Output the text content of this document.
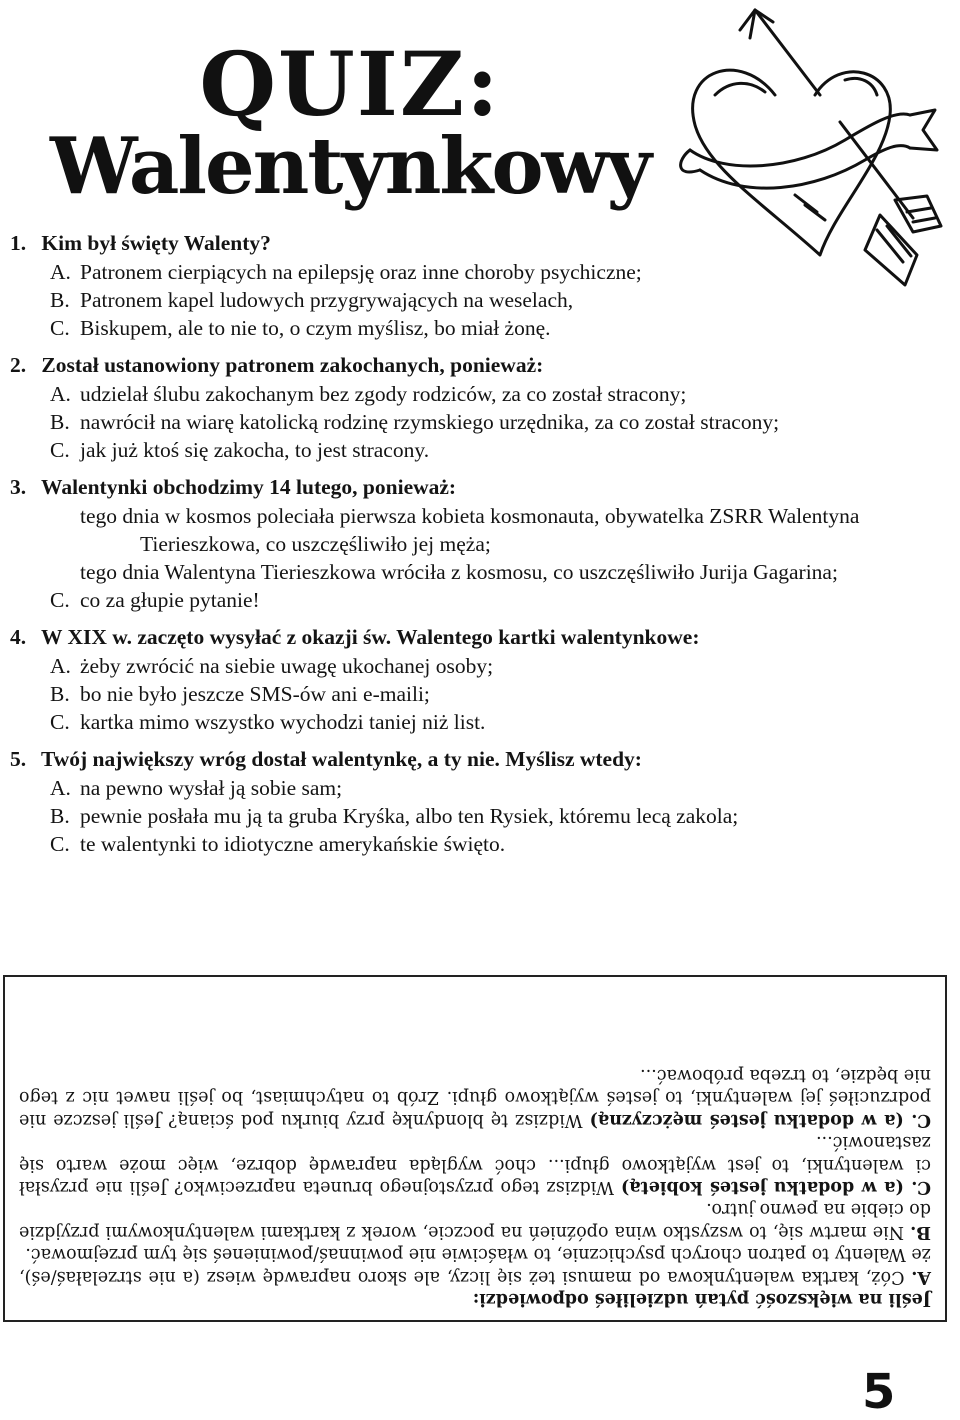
QUIZ:
Walentynkowy

1. Kim był święty Walenty?

A. Patronem cierpiących na epilepsję oraz inne choroby psychiczne;

B. Patronem kapel ludowych przygrywających na weselach,

C. Biskupem, ale to nie to, o czym myślisz, bo miał żonę.

2. Został ustanowiony patronem zakochanych, ponieważ:

A. udzielał ślubu zakochanym bez zgody rodziców, za co został stracony;

B. nawrócił na wiarę katolicką rodzinę rzymskiego urzędnika, za co został stracony;

C. jak już ktoś się zakocha, to jest stracony.

3. Walentynki obchodzimy 14 lutego, ponieważ:

tego dnia w kosmos poleciała pierwsza kobieta kosmonauta, obywatelka ZSRR Walentyna Tierieszkowa, co uszczęśliwiło jej męża;

tego dnia Walentyna Tierieszkowa wróciła z kosmosu, co uszczęśliwiło Jurija Gagarina;

C. co za głupie pytanie!

4. W XIX w. zaczęto wysyłać z okazji św. Walentego kartki walentynkowe:

A. żeby zwrócić na siebie uwagę ukochanej osoby;

B. bo nie było jeszcze SMS-ów ani e-maili;

C. kartka mimo wszystko wychodzi taniej niż list.

5. Twój największy wróg dostał walentynkę, a ty nie. Myślisz wtedy:

A. na pewno wysłał ją sobie sam;

B. pewnie posłała mu ją ta gruba Kryśka, albo ten Rysiek, któremu lecą zakola;

C. te walentynki to idiotyczne amerykańskie święto.

Jeśli na większość pytań udzieliłeś odpowiedzi:

A. Cóż, kartka walentynkowa od mamusi też się liczy, ale skoro naprawdę wiesz (a nie strzelałaś/eś), że Walenty to patron chorych psychicznie, to właściwie nie powinnaś/powinieneś się tym przejmować.

B. Nie martw się, to wszystko wina opóźnień na poczcie, worek z kartkami walentynkowymi przyjdzie do ciebie na pewno jutro.

C. (a w dodatku jesteś kobietą) Widzisz tego przystojnego bruneta naprzeciwko? Jeśli nie przysłał ci walentynki, to jest wyjątkowo głupi... choć wygląda naprawdę dobrze, więc może warto się zastanowić...

C. (a w dodatku jesteś mężczyzną) Widzisz tę blondynkę przy biurku pod ścianą? Jeśli jeszcze nie podrzuciłeś jej walentynki, to jesteś wyjątkowo głupi. Zrób to natychmiast, bo jeśli nawet nic z tego nie będzie, to trzeba próbować...

5
